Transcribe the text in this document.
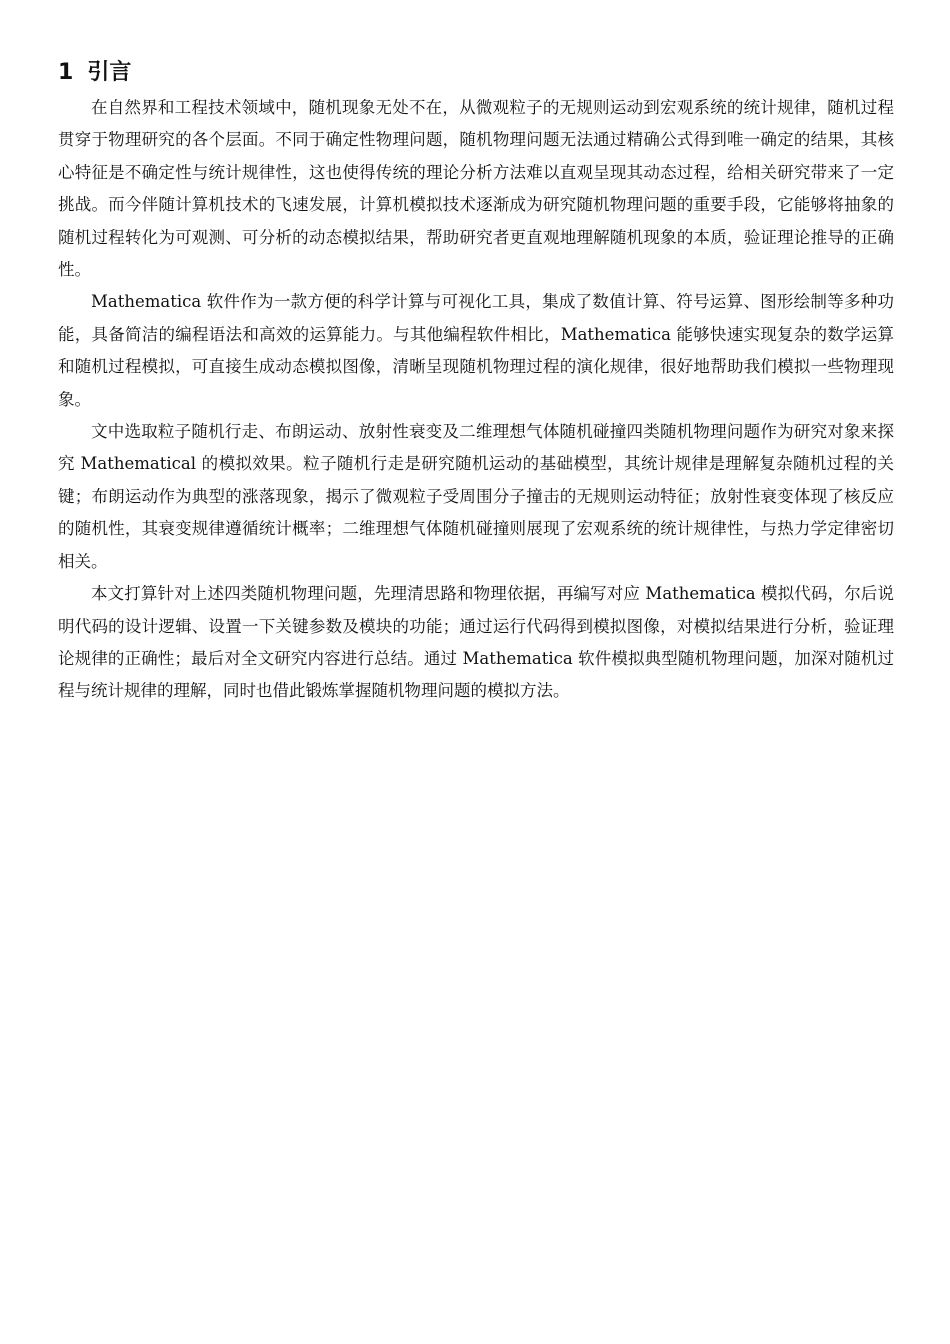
1 引言

在自然界和工程技术领域中，随机现象无处不在，从微观粒子的无规则运动到宏观系统的统计规律，随机过程贯穿于物理研究的各个层面。不同于确定性物理问题，随机物理问题无法通过精确公式得到唯一确定的结果，其核心特征是不确定性与统计规律性，这也使得传统的理论分析方法难以直观呈现其动态过程，给相关研究带来了一定挑战。而今伴随计算机技术的飞速发展，计算机模拟技术逐渐成为研究随机物理问题的重要手段，它能够将抽象的随机过程转化为可观测、可分析的动态模拟结果，帮助研究者更直观地理解随机现象的本质，验证理论推导的正确性。

Mathematica 软件作为一款方便的科学计算与可视化工具，集成了数值计算、符号运算、图形绘制等多种功能，具备简洁的编程语法和高效的运算能力。与其他编程软件相比，Mathematica 能够快速实现复杂的数学运算和随机过程模拟，可直接生成动态模拟图像，清晰呈现随机物理过程的演化规律，很好地帮助我们模拟一些物理现象。

文中选取粒子随机行走、布朗运动、放射性衰变及二维理想气体随机碰撞四类随机物理问题作为研究对象来探究 Mathematical 的模拟效果。粒子随机行走是研究随机运动的基础模型，其统计规律是理解复杂随机过程的关键；布朗运动作为典型的涨落现象，揭示了微观粒子受周围分子撞击的无规则运动特征；放射性衰变体现了核反应的随机性，其衰变规律遵循统计概率；二维理想气体随机碰撞则展现了宏观系统的统计规律性，与热力学定律密切相关。

本文打算针对上述四类随机物理问题，先理清思路和物理依据，再编写对应 Mathematica 模拟代码，尔后说明代码的设计逻辑、设置一下关键参数及模块的功能；通过运行代码得到模拟图像，对模拟结果进行分析，验证理论规律的正确性；最后对全文研究内容进行总结。通过 Mathematica 软件模拟典型随机物理问题，加深对随机过程与统计规律的理解，同时也借此锻炼掌握随机物理问题的模拟方法。
